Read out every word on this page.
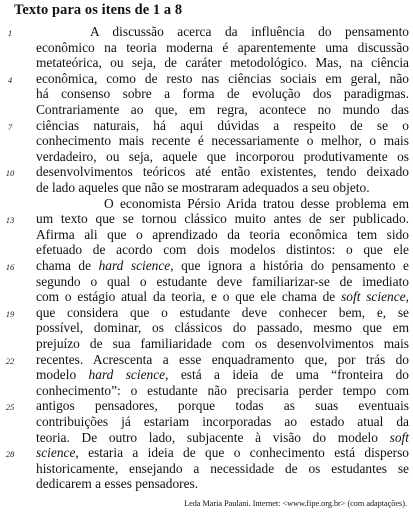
Texto para os itens de 1 a 8
A discussão acerca da influência do pensamento
econômico na teoria moderna é aparentemente uma discussão
metateórica, ou seja, de caráter metodológico. Mas, na ciência
econômica, como de resto nas ciências sociais em geral, não
há consenso sobre a forma de evolução dos paradigmas.
Contrariamente ao que, em regra, acontece no mundo das
ciências naturais, há aqui dúvidas a respeito de se o
conhecimento mais recente é necessariamente o melhor, o mais
verdadeiro, ou seja, aquele que incorporou produtivamente os
desenvolvimentos teóricos até então existentes, tendo deixado
de lado aqueles que não se mostraram adequados a seu objeto.
O economista Pérsio Arida tratou desse problema em
um texto que se tornou clássico muito antes de ser publicado.
Afirma ali que o aprendizado da teoria econômica tem sido
efetuado de acordo com dois modelos distintos: o que ele
chama de hard science, que ignora a história do pensamento e
segundo o qual o estudante deve familiarizar-se de imediato
com o estágio atual da teoria, e o que ele chama de soft science,
que considera que o estudante deve conhecer bem, e, se
possível, dominar, os clássicos do passado, mesmo que em
prejuízo de sua familiaridade com os desenvolvimentos mais
recentes. Acrescenta a esse enquadramento que, por trás do
modelo hard science, está a ideia de uma “fronteira do
conhecimento”: o estudante não precisaria perder tempo com
antigos pensadores, porque todas as suas eventuais
contribuições já estariam incorporadas ao estado atual da
teoria. De outro lado, subjacente à visão do modelo soft
science, estaria a ideia de que o conhecimento está disperso
historicamente, ensejando a necessidade de os estudantes se
dedicarem a esses pensadores.
1
4
7
10
13
16
19
22
25
28
Leda Maria Paulani. Internet: <www.fipe.org.br> (com adaptações).
